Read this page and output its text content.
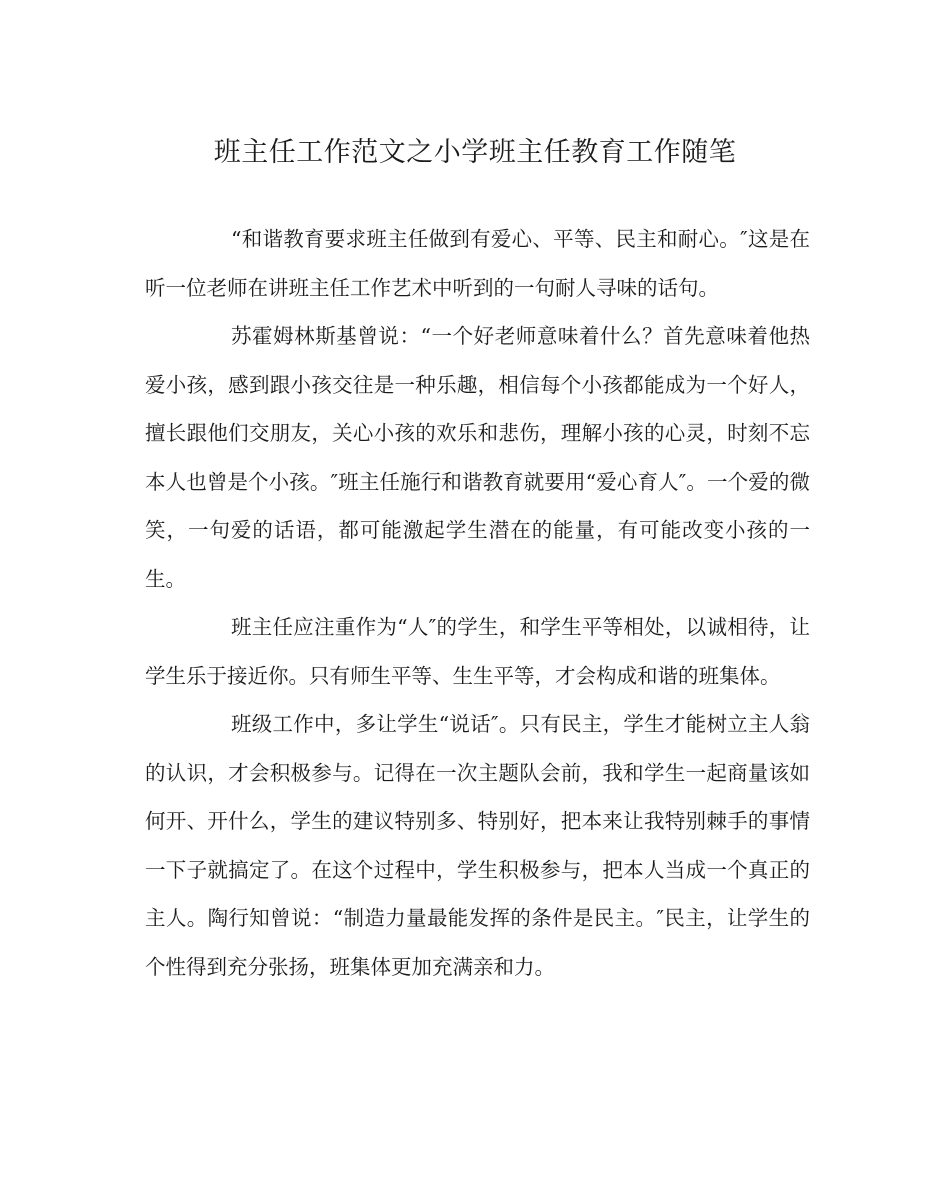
班主任工作范文之小学班主任教育工作随笔

“和谐教育要求班主任做到有爱心、平等、民主和耐心。″这是在听一位老师在讲班主任工作艺术中听到的一句耐人寻味的话句。

苏霍姆林斯基曾说：“一个好老师意味着什么？首先意味着他热爱小孩，感到跟小孩交往是一种乐趣，相信每个小孩都能成为一个好人，擅长跟他们交朋友，关心小孩的欢乐和悲伤，理解小孩的心灵，时刻不忘本人也曾是个小孩。″班主任施行和谐教育就要用“爱心育人″。一个爱的微笑，一句爱的话语，都可能激起学生潜在的能量，有可能改变小孩的一生。

班主任应注重作为“人″的学生，和学生平等相处，以诚相待，让学生乐于接近你。只有师生平等、生生平等，才会构成和谐的班集体。

班级工作中，多让学生“说话″。只有民主，学生才能树立主人翁的认识，才会积极参与。记得在一次主题队会前，我和学生一起商量该如何开、开什么，学生的建议特别多、特别好，把本来让我特别棘手的事情一下子就搞定了。在这个过程中，学生积极参与，把本人当成一个真正的主人。陶行知曾说：“制造力量最能发挥的条件是民主。″民主，让学生的个性得到充分张扬，班集体更加充满亲和力。
